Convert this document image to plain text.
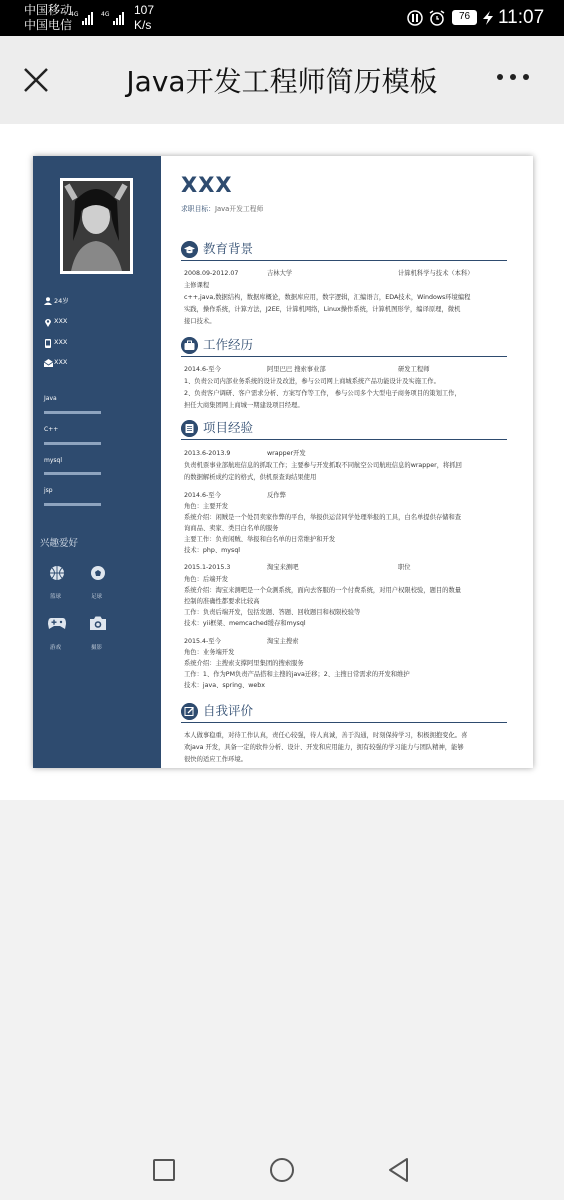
中国移动
中国电信
4G	4G 107
K/s
76	11:07
Java开发工程师简历模板
24岁
XXX
XXX
XXX
Java
C++
mysql
jsp
兴趣爱好
篮球	足球
游戏	摄影
XXX
求职目标：Java开发工程师
教育背景
2008.09-2012.07	吉林大学	计算机科学与技术（本科）
主修课程
c++,java,数据结构，数据库概论，数据库应用，数字逻辑，汇编语言，EDA技术，Windows环境编程
实践，操作系统，计算方法，J2EE，计算机网络，Linux操作系统，计算机图形学，编译原理，微机
接口技术。
工作经历
2014.6-至今	阿里巴巴 搜索事业部	研发工程师
1、负责公司内部业务系统的设计及改进，参与公司网上商城系统产品功能设计及实施工作。
2、负责客户调研、客户需求分析、方案写作等工作， 参与公司多个大型电子商务项目的策划工作，
担任大商集团网上商城一期建设项目经理。
项目经验
2013.6-2013.9	wrapper开发
负责机票事业部航班信息的抓取工作；主要参与开发抓取不同航空公司航班信息的wrapper，将抓回
的数据解析成约定的格式，供机票查询结果使用
2014.6-至今	反作弊
角色：主要开发
系统介绍：闲贼是一个处罚卖家作弊的平台，举报供运营同学处理举报的工具，白名单提供存储和查
询商品、卖家、类目白名单的服务
主要工作：负责闲贼、举报和白名单的日常维护和开发
技术：php、mysql
2015.1-2015.3	淘宝来测吧	职位
角色：后端开发
系统介绍：淘宝来测吧是一个众测系统，面向去客服的一个付费系统，对用户权限校验，题目的数量
控制的准确性都要求比较高
工作：负责后端开发，包括发题、答题、回收题目和权限校验等
技术：yii框架、memcached缓存和mysql
2015.4-至今	淘宝主搜索
角色：业务端开发
系统介绍：主搜索支撑阿里集团的搜索服务
工作：1、作为PM负责产品搭和主搜的java迁移；2、主搜日常需求的开发和维护
技术：java、spring、webx
自我评价
本人做事稳重，对待工作认真，责任心较强，待人真诚，善于沟通，时刻保持学习，积极拥抱变化。喜
欢java 开发，具备一定的软件分析、设计、开发和应用能力，拥有较强的学习能力与团队精神，能够
很快的适应工作环境。
